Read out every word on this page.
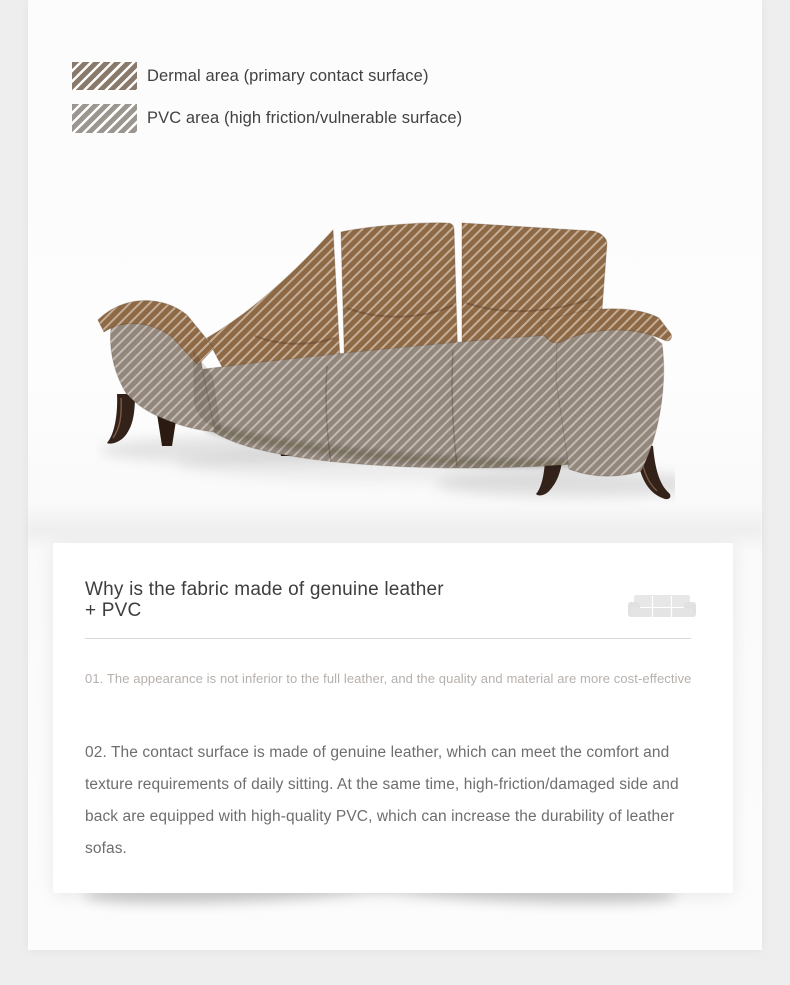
Dermal area (primary contact surface)
PVC area (high friction/vulnerable surface)
Why is the fabric made of genuine leather
+ PVC

01. The appearance is not inferior to the full leather, and the quality and material are more cost-effective

02. The contact surface is made of genuine leather, which can meet the comfort and texture requirements of daily sitting. At the same time, high-friction/damaged side and back are equipped with high-quality PVC, which can increase the durability of leather sofas.
